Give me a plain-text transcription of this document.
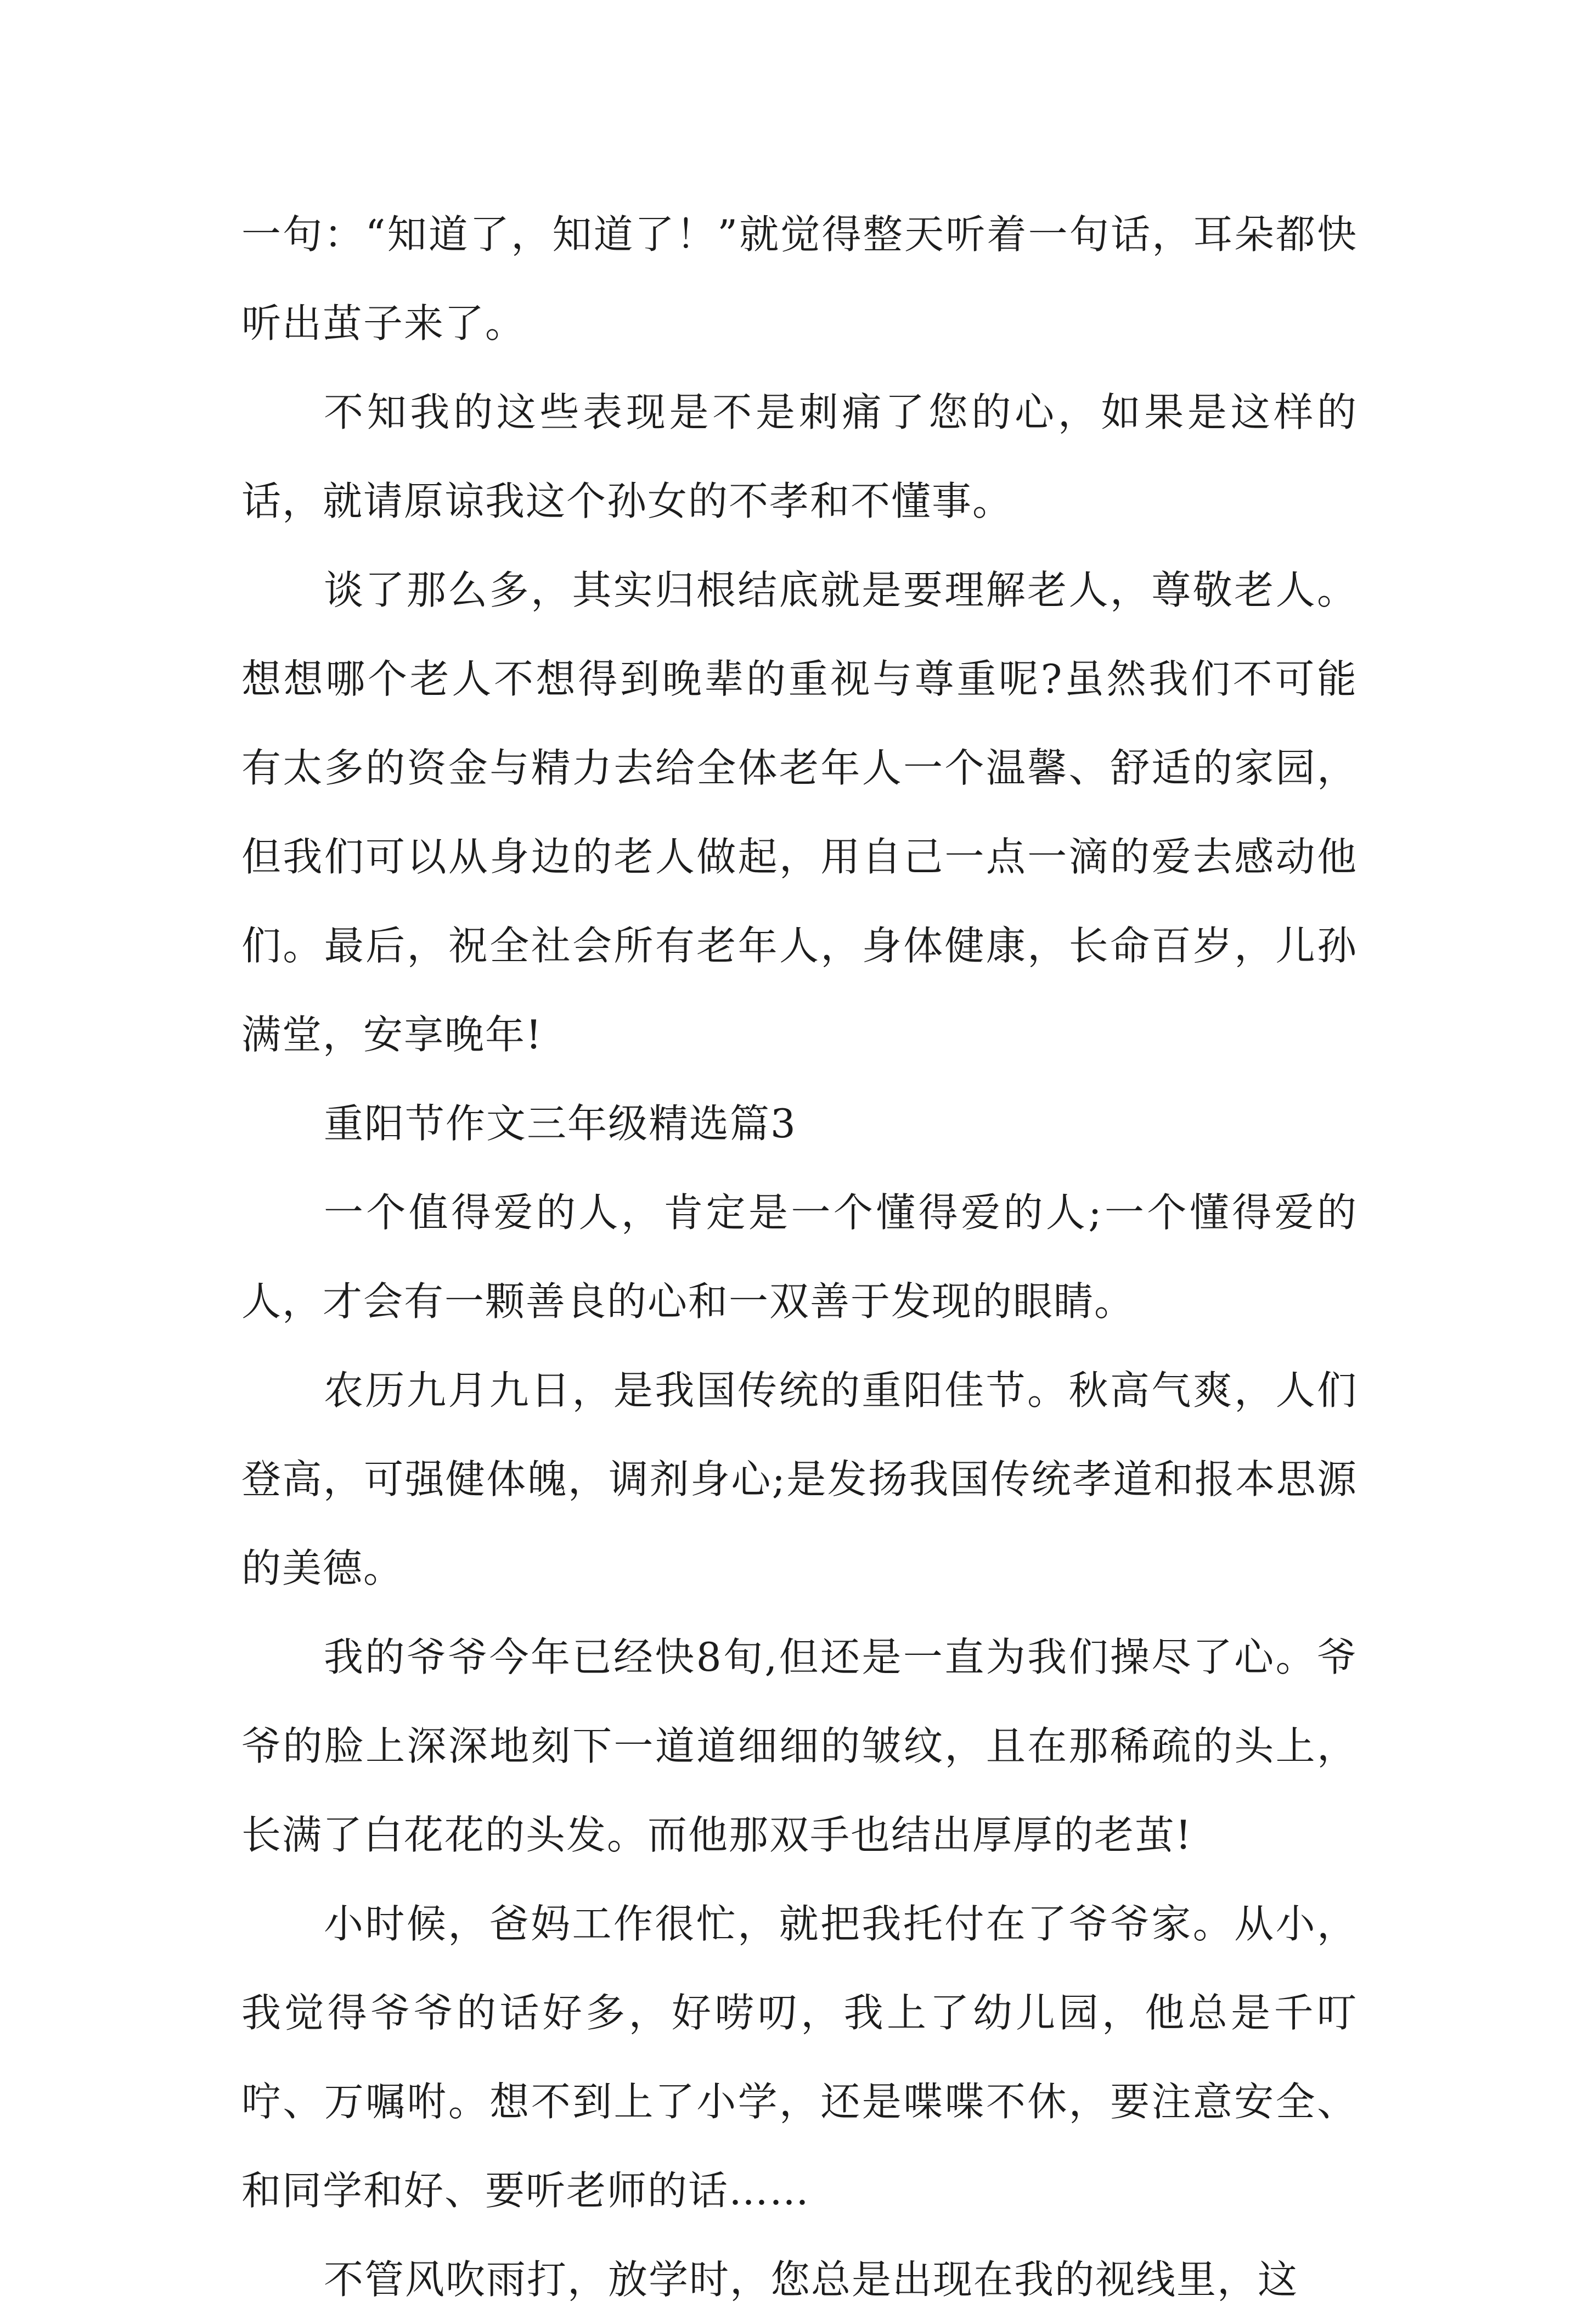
一句：“知道了，知道了！”就觉得整天听着一句话，耳朵都快听出茧子来了。

不知我的这些表现是不是刺痛了您的心，如果是这样的话，就请原谅我这个孙女的不孝和不懂事。

谈了那么多，其实归根结底就是要理解老人，尊敬老人。想想哪个老人不想得到晚辈的重视与尊重呢?虽然我们不可能有太多的资金与精力去给全体老年人一个温馨、舒适的家园，但我们可以从身边的老人做起，用自己一点一滴的爱去感动他们。最后，祝全社会所有老年人，身体健康，长命百岁，儿孙满堂，安享晚年!

重阳节作文三年级精选篇3

一个值得爱的人，肯定是一个懂得爱的人;一个懂得爱的人，才会有一颗善良的心和一双善于发现的眼睛。

农历九月九日，是我国传统的重阳佳节。秋高气爽，人们登高，可强健体魄，调剂身心;是发扬我国传统孝道和报本思源的美德。

我的爷爷今年已经快8旬,但还是一直为我们操尽了心。爷爷的脸上深深地刻下一道道细细的皱纹，且在那稀疏的头上，长满了白花花的头发。而他那双手也结出厚厚的老茧!

小时候，爸妈工作很忙，就把我托付在了爷爷家。从小，我觉得爷爷的话好多，好唠叨，我上了幼儿园，他总是千叮咛、万嘱咐。想不到上了小学，还是喋喋不休，要注意安全、和同学和好、要听老师的话……

不管风吹雨打，放学时，您总是出现在我的视线里，这
